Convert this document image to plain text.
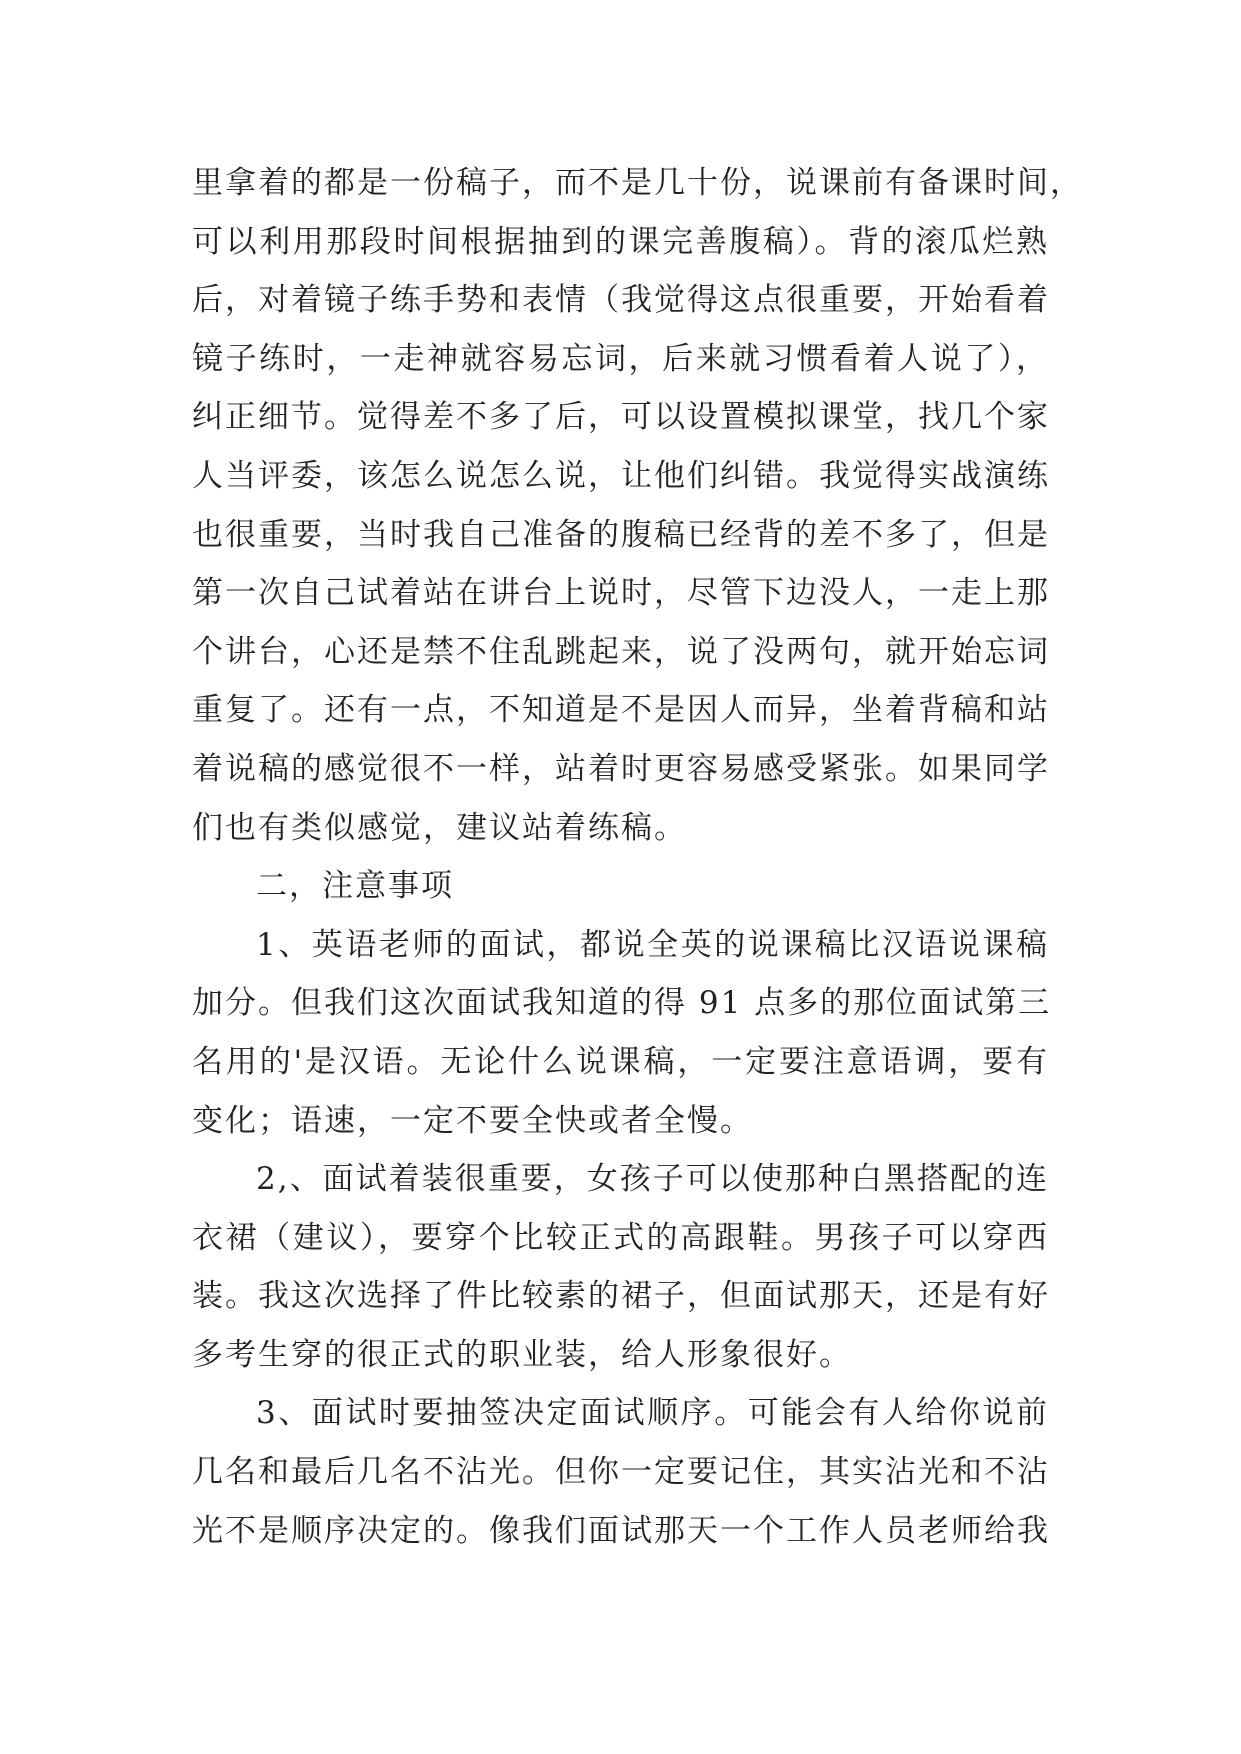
里拿着的都是一份稿子，而不是几十份，说课前有备课时间，
可以利用那段时间根据抽到的课完善腹稿）。背的滚瓜烂熟
后，对着镜子练手势和表情（我觉得这点很重要，开始看着
镜子练时，一走神就容易忘词，后来就习惯看着人说了），
纠正细节。觉得差不多了后，可以设置模拟课堂，找几个家
人当评委，该怎么说怎么说，让他们纠错。我觉得实战演练
也很重要，当时我自己准备的腹稿已经背的差不多了，但是
第一次自己试着站在讲台上说时，尽管下边没人，一走上那
个讲台，心还是禁不住乱跳起来，说了没两句，就开始忘词
重复了。还有一点，不知道是不是因人而异，坐着背稿和站
着说稿的感觉很不一样，站着时更容易感受紧张。如果同学
们也有类似感觉，建议站着练稿。
二，注意事项
1、英语老师的面试，都说全英的说课稿比汉语说课稿
加分。但我们这次面试我知道的得 91 点多的那位面试第三
名用的'是汉语。无论什么说课稿，一定要注意语调，要有
变化；语速，一定不要全快或者全慢。
2,、面试着装很重要，女孩子可以使那种白黑搭配的连
衣裙（建议），要穿个比较正式的高跟鞋。男孩子可以穿西
装。我这次选择了件比较素的裙子，但面试那天，还是有好
多考生穿的很正式的职业装，给人形象很好。
3、面试时要抽签决定面试顺序。可能会有人给你说前
几名和最后几名不沾光。但你一定要记住，其实沾光和不沾
光不是顺序决定的。像我们面试那天一个工作人员老师给我
